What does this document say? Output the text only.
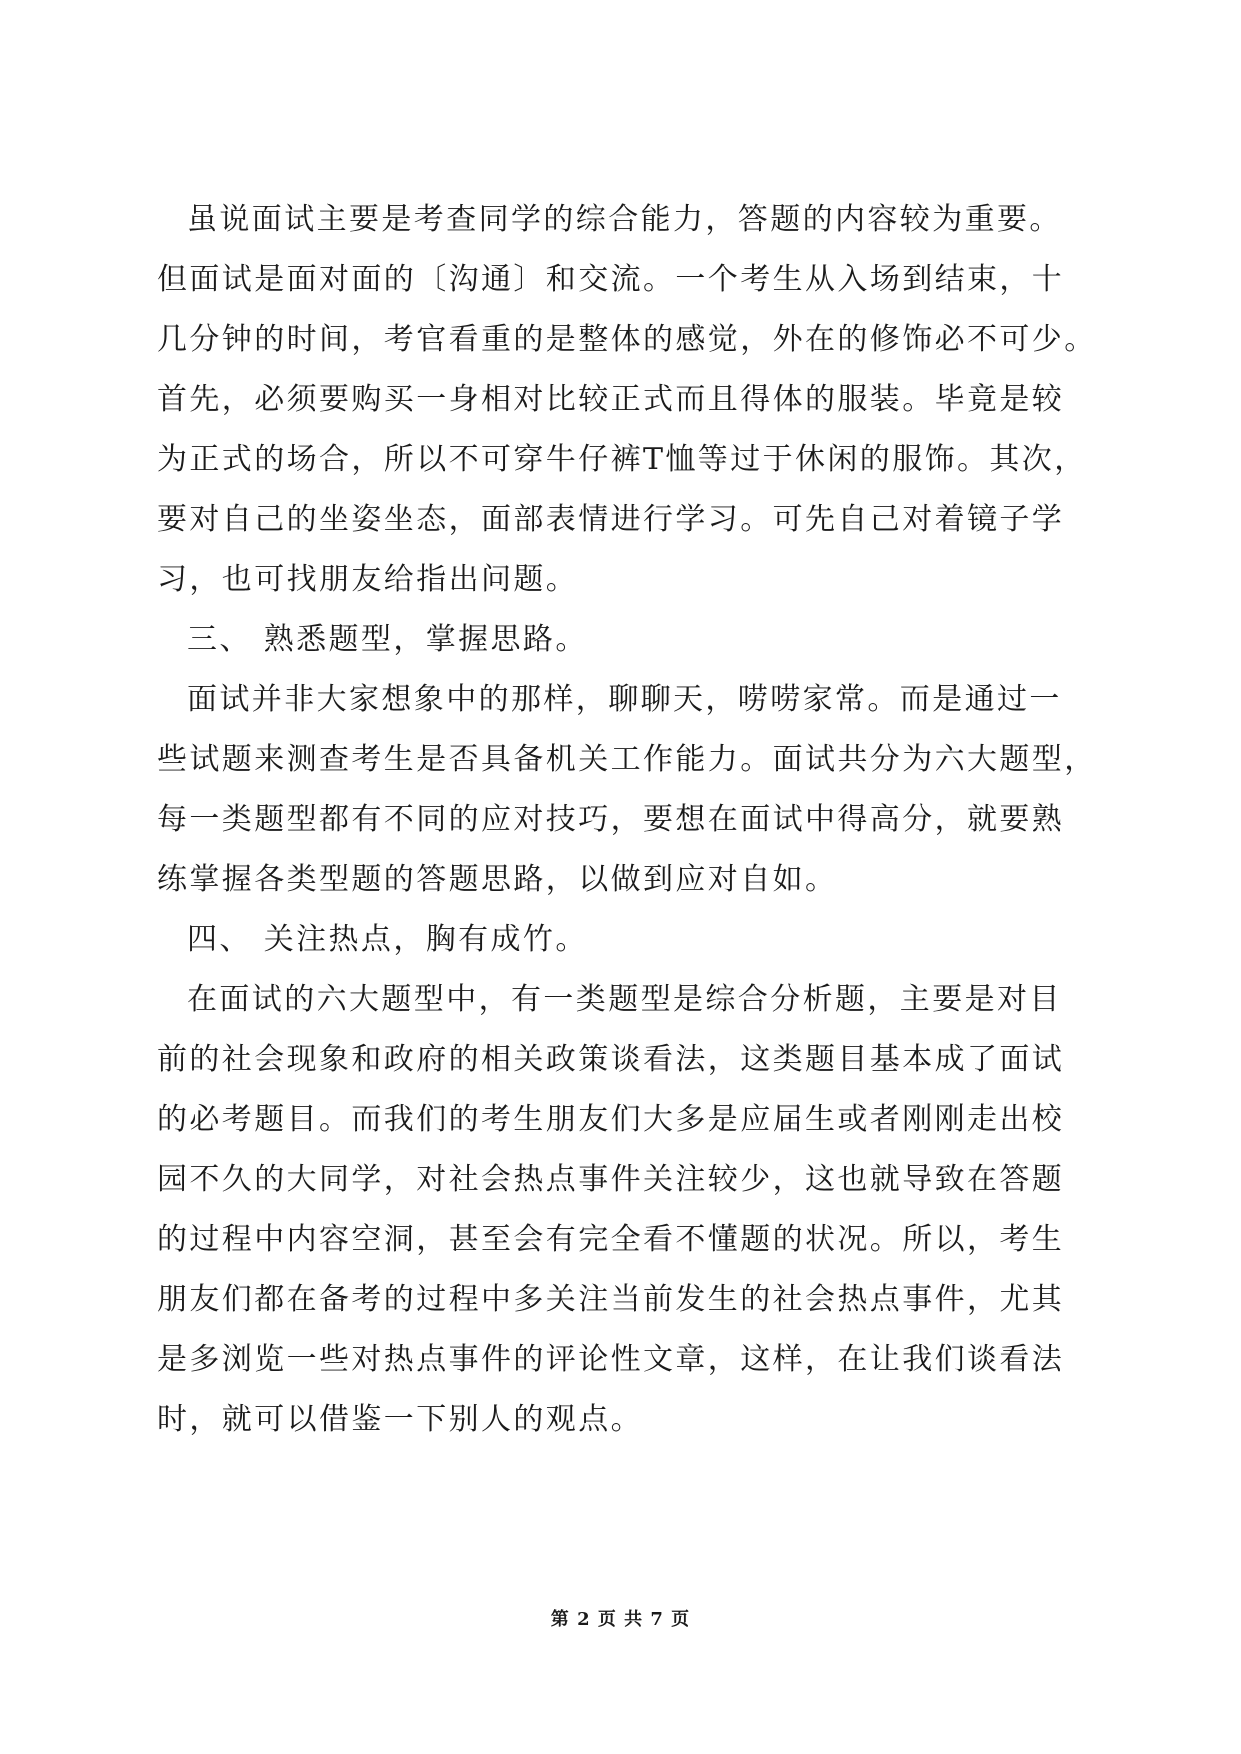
虽说面试主要是考查同学的综合能力，答题的内容较为重要。
但面试是面对面的〔沟通〕和交流。一个考生从入场到结束，十
几分钟的时间，考官看重的是整体的感觉，外在的修饰必不可少。
首先，必须要购买一身相对比较正式而且得体的服装。毕竟是较
为正式的场合，所以不可穿牛仔裤T恤等过于休闲的服饰。其次，
要对自己的坐姿坐态，面部表情进行学习。可先自己对着镜子学
习，也可找朋友给指出问题。
三、 熟悉题型，掌握思路。
面试并非大家想象中的那样，聊聊天，唠唠家常。而是通过一
些试题来测查考生是否具备机关工作能力。面试共分为六大题型，
每一类题型都有不同的应对技巧，要想在面试中得高分，就要熟
练掌握各类型题的答题思路，以做到应对自如。
四、 关注热点，胸有成竹。
在面试的六大题型中，有一类题型是综合分析题，主要是对目
前的社会现象和政府的相关政策谈看法，这类题目基本成了面试
的必考题目。而我们的考生朋友们大多是应届生或者刚刚走出校
园不久的大同学，对社会热点事件关注较少，这也就导致在答题
的过程中内容空洞，甚至会有完全看不懂题的状况。所以，考生
朋友们都在备考的过程中多关注当前发生的社会热点事件，尤其
是多浏览一些对热点事件的评论性文章，这样，在让我们谈看法
时，就可以借鉴一下别人的观点。
第 2 页 共 7 页
